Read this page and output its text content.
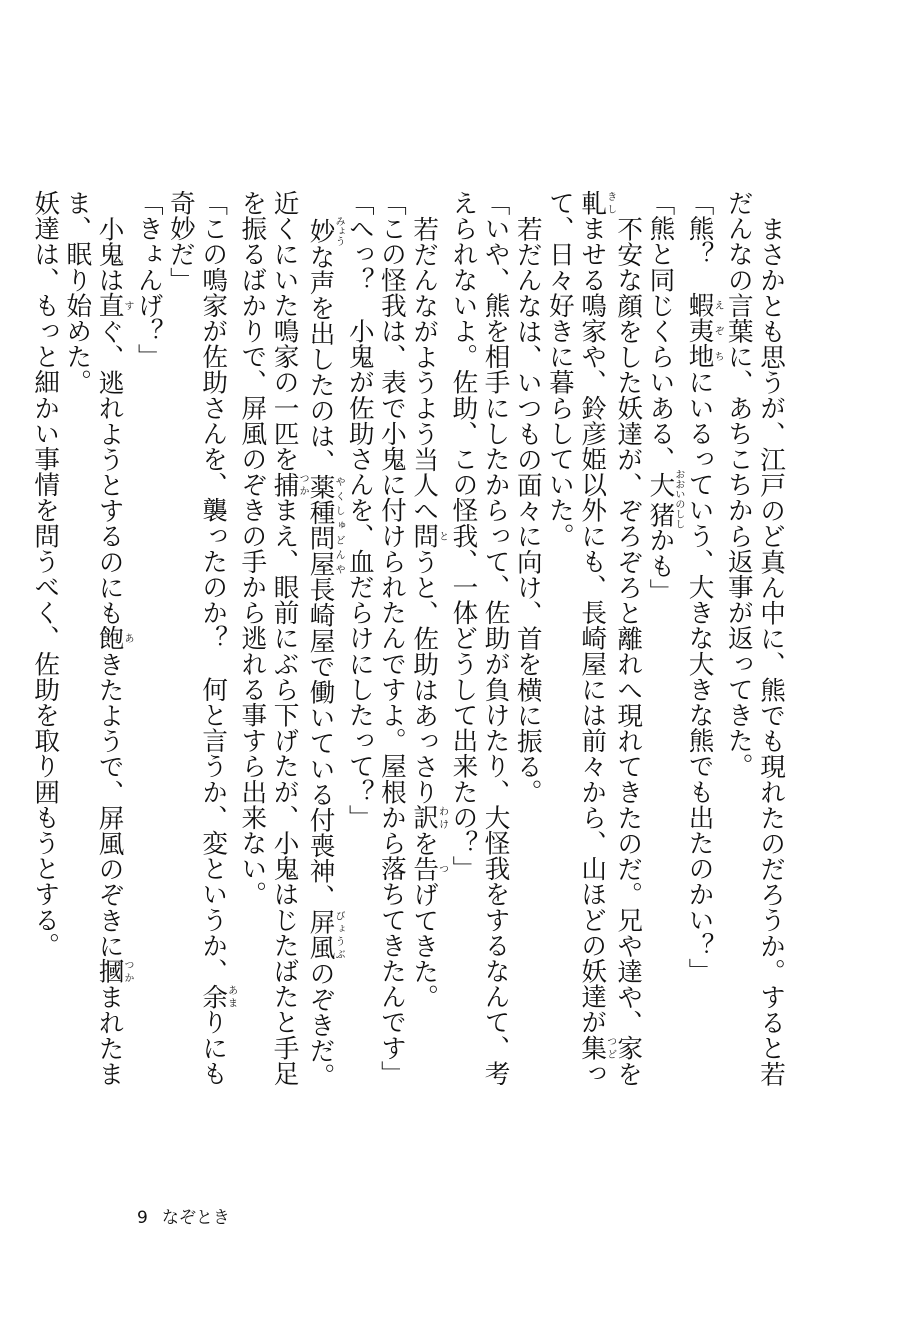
まさかとも思うが、江戸のど真ん中に、熊でも現れたのだろうか。すると若だんなの言葉に、あちこちから返事が返ってきた。

「熊？　蝦夷地えぞちにいるっていう、大きな大きな熊でも出たのかい？」

「熊と同じくらいある、大猪おおいのししかも」

不安な顔をした妖達が、ぞろぞろと離れへ現れてきたのだ。兄や達や、家を軋きしませる鳴家や、鈴彦姫以外にも、長崎屋には前々から、山ほどの妖達が集つどって、日々好きに暮らしていた。

若だんなは、いつもの面々に向け、首を横に振る。

「いや、熊を相手にしたからって、佐助が負けたり、大怪我をするなんて、考えられないよ。佐助、この怪我、一体どうして出来たの？」

若だんながようよう当人へ問とうと、佐助はあっさり訳わけを告つげてきた。

「この怪我は、表で小鬼に付けられたんですよ。屋根から落ちてきたんです」

「へっ？　小鬼が佐助さんを、血だらけにしたって？」

妙みょうな声を出したのは、薬種問屋やくしゅどんや長崎屋で働いている付喪神、屏風びょうぶのぞきだ。近くにいた鳴家の一匹を捕つかまえ、眼前にぶら下げたが、小鬼はじたばたと手足を振るばかりで、屏風のぞきの手から逃れる事すら出来ない。

「この鳴家が佐助さんを、襲ったのか？　何と言うか、変というか、余あまりにも奇妙だ」

「きょんげ？」

小鬼は直すぐ、逃れようとするのにも飽あきたようで、屏風のぞきに摑つかまれたまま、眠り始めた。

妖達は、もっと細かい事情を問うべく、佐助を取り囲もうとする。

9 なぞとき
